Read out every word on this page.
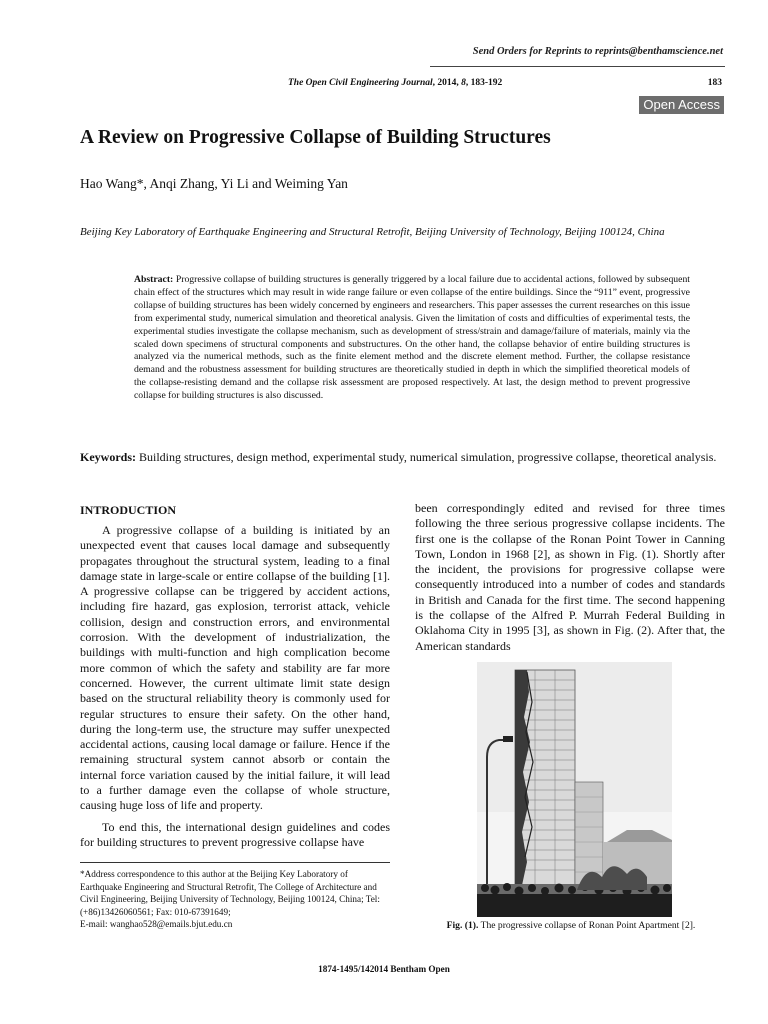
Send Orders for Reprints to reprints@benthamscience.net
The Open Civil Engineering Journal, 2014, 8, 183-192	183
Open Access
A Review on Progressive Collapse of Building Structures
Hao Wang*, Anqi Zhang, Yi Li and Weiming Yan
Beijing Key Laboratory of Earthquake Engineering and Structural Retrofit, Beijing University of Technology, Beijing 100124, China
Abstract: Progressive collapse of building structures is generally triggered by a local failure due to accidental actions, followed by subsequent chain effect of the structures which may result in wide range failure or even collapse of the entire buildings. Since the “911” event, progressive collapse of building structures has been widely concerned by engineers and researchers. This paper assesses the current researches on this issue from experimental study, numerical simulation and theoretical analysis. Given the limitation of costs and difficulties of experimental tests, the experimental studies investigate the collapse mechanism, such as development of stress/strain and damage/failure of materials, mainly via the scaled down specimens of structural components and substructures. On the other hand, the collapse behavior of entire building structures is analyzed via the numerical methods, such as the finite element method and the discrete element method. Further, the collapse resistance demand and the robustness assessment for building structures are theoretically studied in depth in which the simplified theoretical models of the collapse-resisting demand and the collapse risk assessment are proposed respectively. At last, the design method to prevent progressive collapse for building structures is also discussed.
Keywords: Building structures, design method, experimental study, numerical simulation, progressive collapse, theoretical analysis.
INTRODUCTION

A progressive collapse of a building is initiated by an unexpected event that causes local damage and subsequently propagates throughout the structural system, leading to a final damage state in large-scale or entire collapse of the building [1]. A progressive collapse can be triggered by accident actions, including fire hazard, gas explosion, terrorist attack, vehicle collision, design and construction errors, and environmental corrosion. With the development of industrialization, the buildings with multi-function and high complication become more common of which the safety and stability are far more concerned. However, the current ultimate limit state design based on the structural reliability theory is commonly used for regular structures to ensure their safety. On the other hand, during the long-term use, the structure may suffer unexpected accidental actions, causing local damage or failure. Hence if the remaining structural system cannot absorb or contain the internal force variation caused by the initial failure, it will lead to a further damage even the collapse of whole structure, causing huge loss of life and property.

To end this, the international design guidelines and codes for building structures to prevent progressive collapse have

been correspondingly edited and revised for three times following the three serious progressive collapse incidents. The first one is the collapse of the Ronan Point Tower in Canning Town, London in 1968 [2], as shown in Fig. (1). Shortly after the incident, the provisions for progressive collapse were consequently introduced into a number of codes and standards in British and Canada for the first time. The second happening is the collapse of the Alfred P. Murrah Federal Building in Oklahoma City in 1995 [3], as shown in Fig. (2). After that, the American standards

*Address correspondence to this author at the Beijing Key Laboratory of Earthquake Engineering and Structural Retrofit, The College of Architecture and Civil Engineering, Beijing University of Technology, Beijing 100124, China; Tel:(+86)13426060561; Fax: 010-67391649;

E-mail: wanghao528@emails.bjut.edu.cn	Fig. (1). The progressive collapse of Ronan Point Apartment [2].
1874-1495/142014 Bentham Open
